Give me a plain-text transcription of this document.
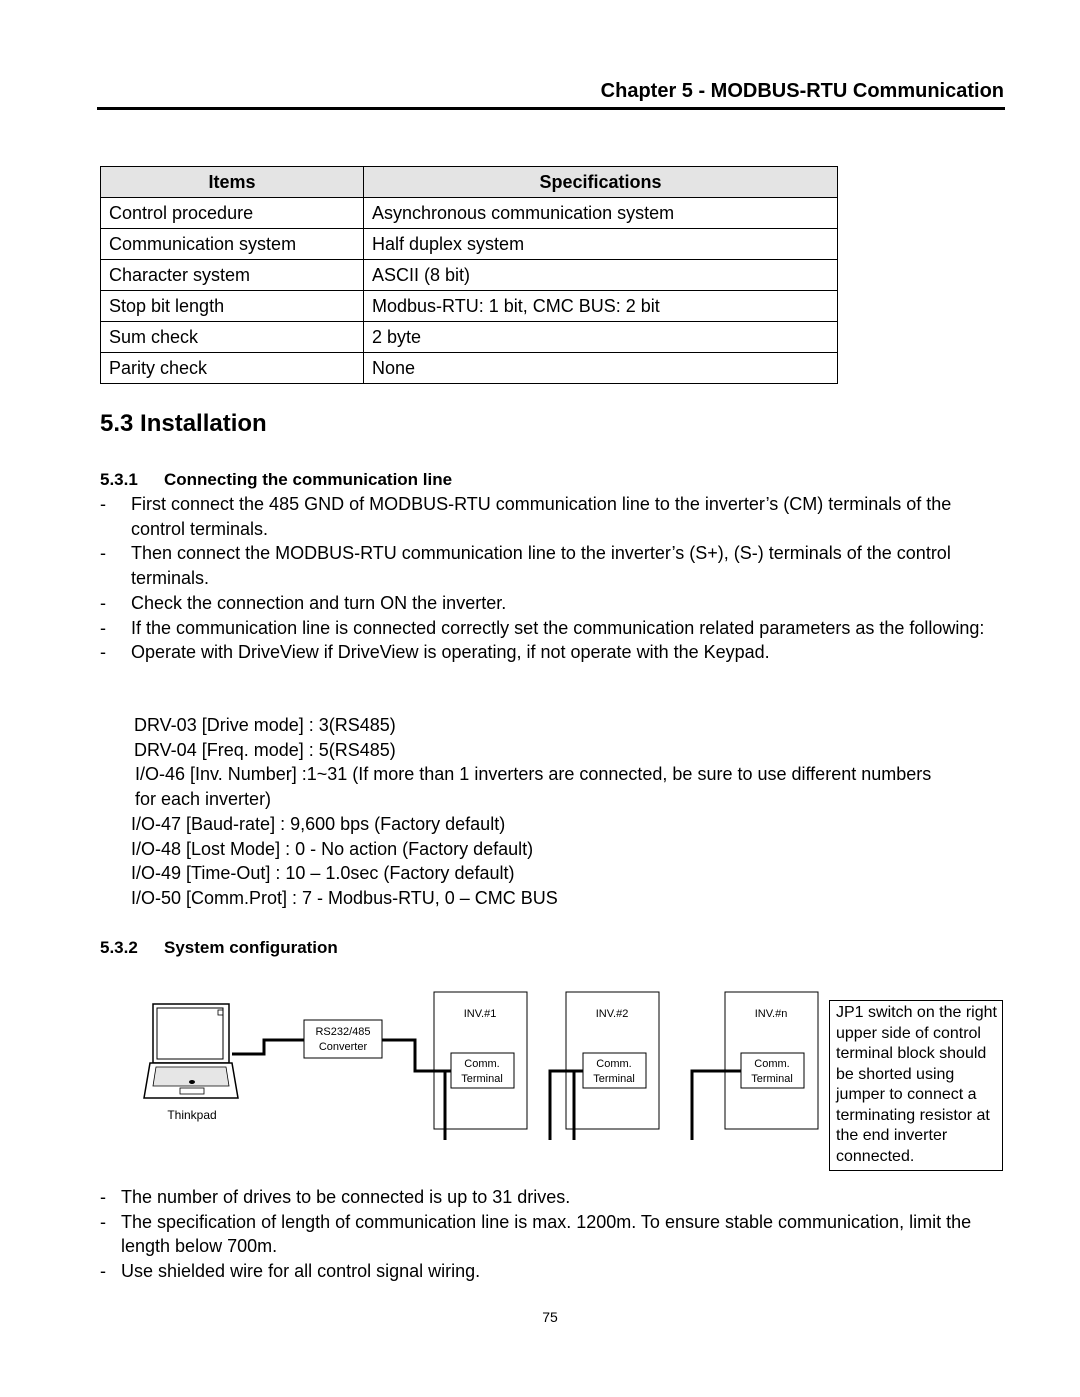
Chapter 5 - MODBUS-RTU Communication
Items	Specifications
Control procedure	Asynchronous communication system
Communication system	Half duplex system
Character system	ASCII (8 bit)
Stop bit length	Modbus-RTU: 1 bit, CMC BUS: 2 bit
Sum check	2 byte
Parity check	None
5.3 Installation
5.3.1 Connecting the communication line
- First connect the 485 GND of MODBUS-RTU communication line to the inverter’s (CM) terminals of the control terminals.
- Then connect the MODBUS-RTU communication line to the inverter’s (S+), (S-) terminals of the control terminals.
- Check the connection and turn ON the inverter.
- If the communication line is connected correctly set the communication related parameters as the following:
- Operate with DriveView if DriveView is operating, if not operate with the Keypad.
DRV-03 [Drive mode] : 3(RS485)
DRV-04 [Freq. mode] : 5(RS485)
I/O-46 [Inv. Number] :1~31 (If more than 1 inverters are connected, be sure to use different numbers
for each inverter)
I/O-47 [Baud-rate] : 9,600 bps (Factory default)
I/O-48 [Lost Mode] : 0 - No action (Factory default)
I/O-49 [Time-Out] : 10 – 1.0sec (Factory default)
I/O-50 [Comm.Prot] : 7 - Modbus-RTU, 0 – CMC BUS
5.3.2 System configuration
Thinkpad
RS232/485
Converter
INV.#1
Comm.
Terminal
INV.#2
Comm.
Terminal
INV.#n
Comm.
Terminal
JP1 switch on the right upper side of control terminal block should be shorted using jumper to connect a terminating resistor at the end inverter connected.
- The number of drives to be connected is up to 31 drives.
- The specification of length of communication line is max. 1200m. To ensure stable communication, limit the length below 700m.
- Use shielded wire for all control signal wiring.
75
